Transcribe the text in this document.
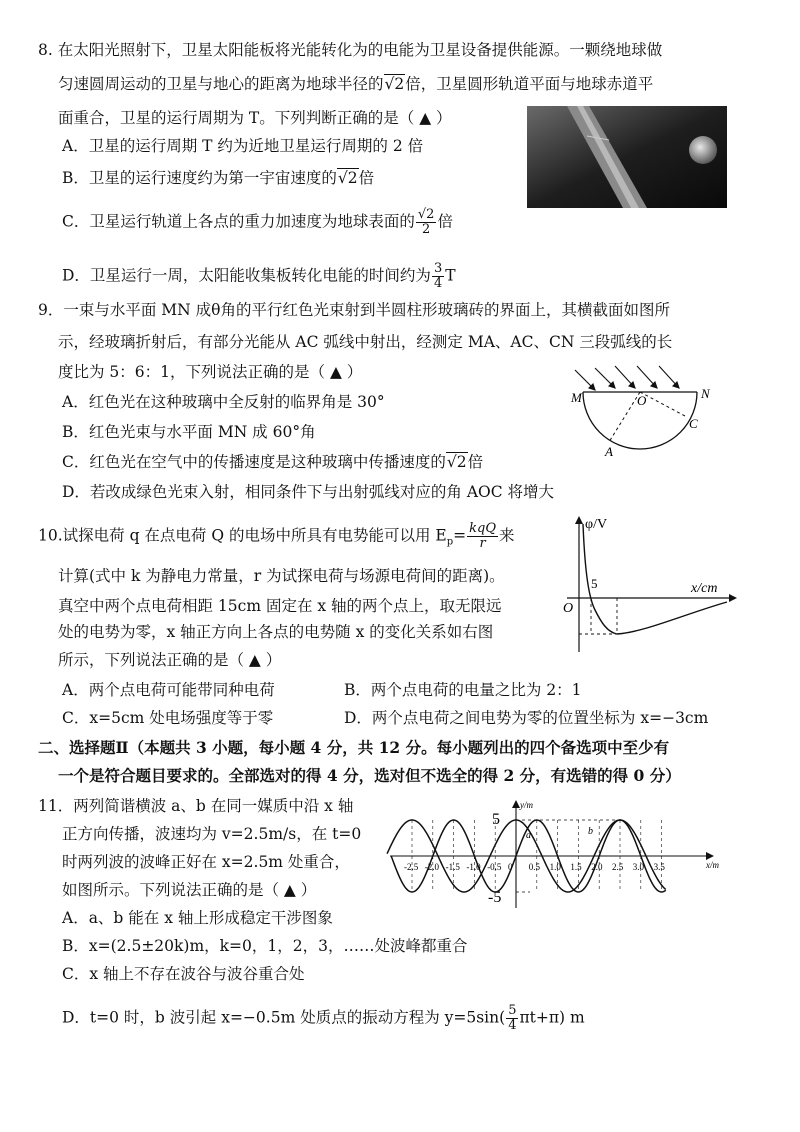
8. 在太阳光照射下，卫星太阳能板将光能转化为的电能为卫星设备提供能源。一颗绕地球做
匀速圆周运动的卫星与地心的距离为地球半径的√2倍，卫星圆形轨道平面与地球赤道平
面重合，卫星的运行周期为 T。下列判断正确的是（ ▲ ）
A．卫星的运行周期 T 约为近地卫星运行周期的 2 倍
B．卫星的运行速度约为第一宇宙速度的√2倍
C．卫星运行轨道上各点的重力加速度为地球表面的 $\frac{√2}{2}$ 倍
D．卫星运行一周，太阳能收集板转化电能的时间约为 $\frac{3}{4}$ T
9．一束与水平面 MN 成θ角的平行红色光束射到半圆柱形玻璃砖的界面上，其横截面如图所
示，经玻璃折射后，有部分光能从 AC 弧线中射出，经测定 MA、AC、CN 三段弧线的长
度比为 5：6：1，下列说法正确的是（ ▲ ）
A．红色光在这种玻璃中全反射的临界角是 30°
B．红色光束与水平面 MN 成 60°角
C．红色光在空气中的传播速度是这种玻璃中传播速度的√2倍
D．若改成绿色光束入射，相同条件下与出射弧线对应的角 AOC 将增大
M	N
O
A
C
10.试探电荷 q 在点电荷 Q 的电场中所具有电势能可以用 $E_p= \frac{\text{kqQ}}{r}$ 来
计算(式中 k 为静电力常量，r 为试探电荷与场源电荷间的距离)。
真空中两个点电荷相距 15cm 固定在 x 轴的两个点上，取无限远
处的电势为零，x 轴正方向上各点的电势随 x 的变化关系如右图
所示，下列说法正确的是（ ▲ ）
A．两个点电荷可能带同种电荷	B．两个点电荷的电量之比为 2：1
C．x=5cm 处电场强度等于零	D．两个点电荷之间电势为零的位置坐标为 x=−3cm
φ/V
x/cm
O
5
二、选择题Ⅱ（本题共 3 小题，每小题 4 分，共 12 分。每小题列出的四个备选项中至少有
一个是符合题目要求的。全部选对的得 4 分，选对但不选全的得 2 分，有选错的得 0 分）
11．两列简谐横波 a、b 在同一媒质中沿 x 轴
正方向传播，波速均为 v=2.5m/s，在 t=0
时两列波的波峰正好在 x=2.5m 处重合，
如图所示。下列说法正确的是（ ▲ ）
A．a、b 能在 x 轴上形成稳定干涉图象
B．x=(2.5±20k)m，k=0，1，2，3，……处波峰都重合
C．x 轴上不存在波谷与波谷重合处
D．t=0 时，b 波引起 x=−0.5m 处质点的振动方程为 $y=5\sin( \frac{5}{4} \pi t+\pi)$ m
y/m
x/m
5
-5
a	b
-2.5 -2.0 -1.5 -1.0 -0.5 0 0.5 1.0 1.5 2.0 2.5 3.0 3.5
